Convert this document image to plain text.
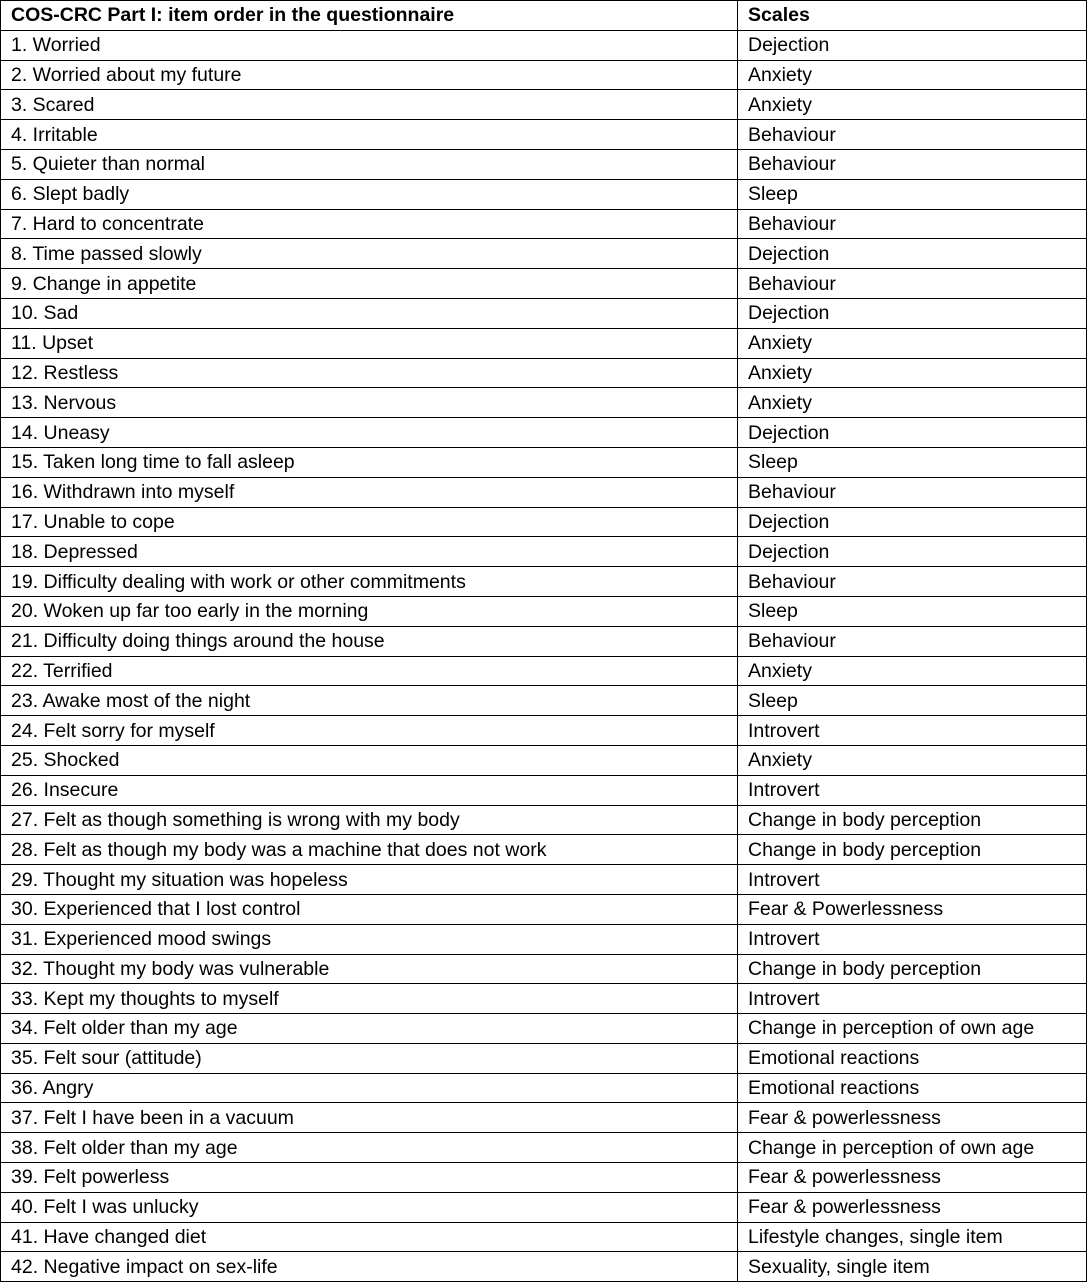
COS-CRC Part I: item order in the questionnaire	Scales
1. Worried	Dejection
2. Worried about my future	Anxiety
3. Scared	Anxiety
4. Irritable	Behaviour
5. Quieter than normal	Behaviour
6. Slept badly	Sleep
7. Hard to concentrate	Behaviour
8. Time passed slowly	Dejection
9. Change in appetite	Behaviour
10. Sad	Dejection
11. Upset	Anxiety
12. Restless	Anxiety
13. Nervous	Anxiety
14. Uneasy	Dejection
15. Taken long time to fall asleep	Sleep
16. Withdrawn into myself	Behaviour
17. Unable to cope	Dejection
18. Depressed	Dejection
19. Difficulty dealing with work or other commitments	Behaviour
20. Woken up far too early in the morning	Sleep
21. Difficulty doing things around the house	Behaviour
22. Terrified	Anxiety
23. Awake most of the night	Sleep
24. Felt sorry for myself	Introvert
25. Shocked	Anxiety
26. Insecure	Introvert
27. Felt as though something is wrong with my body	Change in body perception
28. Felt as though my body was a machine that does not work	Change in body perception
29. Thought my situation was hopeless	Introvert
30. Experienced that I lost control	Fear & Powerlessness
31. Experienced mood swings	Introvert
32. Thought my body was vulnerable	Change in body perception
33. Kept my thoughts to myself	Introvert
34. Felt older than my age	Change in perception of own age
35. Felt sour (attitude)	Emotional reactions
36. Angry	Emotional reactions
37. Felt I have been in a vacuum	Fear & powerlessness
38. Felt older than my age	Change in perception of own age
39. Felt powerless	Fear & powerlessness
40. Felt I was unlucky	Fear & powerlessness
41. Have changed diet	Lifestyle changes, single item
42. Negative impact on sex-life	Sexuality, single item
